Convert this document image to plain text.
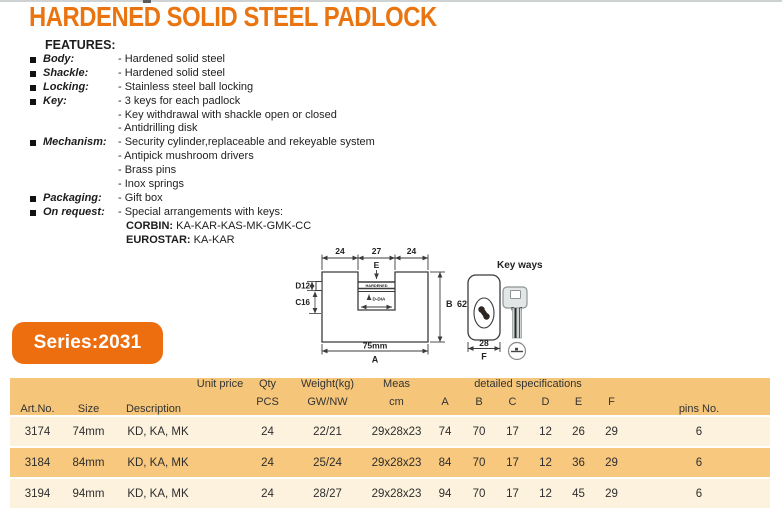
HARDENED SOLID STEEL PADLOCK
FEATURES:
Body:	- Hardened solid steel
Shackle:	- Hardened solid steel
Locking:	- Stainless steel ball locking
Key:	- 3 keys for each padlock
- Key withdrawal with shackle open or closed
- Antidrilling disk
Mechanism:	- Security cylinder,replaceable and rekeyable system
- Antipick mushroom drivers
- Brass pins
- Inox springs
Packaging:	- Gift box
On request:	- Special arrangements with keys:
CORBIN: KA-KAR-KAS-MK-GMK-CC
EUROSTAR: KA-KAR
HARDENED
D-DIA
24	27	24
E
D12
C16	B 62
75mm
A
28
F
Key ways
Series:2031
Art.No.	Size	Description	Unit price	Qty	Weight(kg)	Meas	detailed specifications						pins No.
				PCS	GW/NW	cm	A	B	C	D	E	F	
3174	74mm	KD, KA, MK		24	22/21	29x28x23	74	70	17	12	26	29	6
3184	84mm	KD, KA, MK		24	25/24	29x28x23	84	70	17	12	36	29	6
3194	94mm	KD, KA, MK		24	28/27	29x28x23	94	70	17	12	45	29	6
